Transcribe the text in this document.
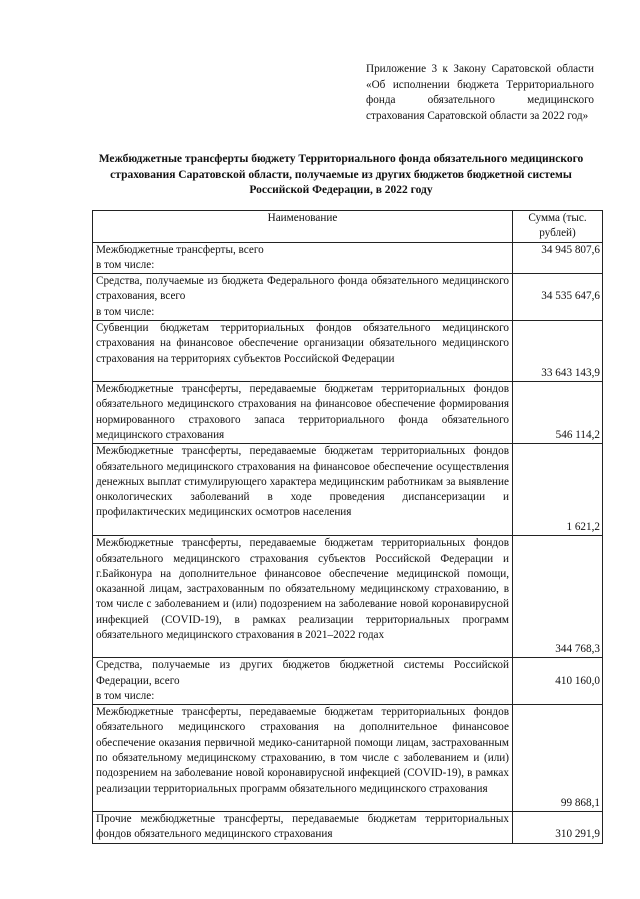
Приложение 3 к Закону Саратовской области «Об исполнении бюджета Территориального фонда обязательного медицинского страхования Саратовской области за 2022 год»
Межбюджетные трансферты бюджету Территориального фонда обязательного медицинского страхования Саратовской области, получаемые из других бюджетов бюджетной системы Российской Федерации, в 2022 году
Наименование	Сумма (тыс. рублей)
Межбюджетные трансферты, всего
в том числе:	34 945 807,6
Средства, получаемые из бюджета Федерального фонда обязательного медицинского страхования, всего
в том числе:	34 535 647,6
Субвенции бюджетам территориальных фондов обязательного медицинского страхования на финансовое обеспечение организации обязательного медицинского страхования на территориях субъектов Российской Федерации	33 643 143,9
Межбюджетные трансферты, передаваемые бюджетам территориальных фондов обязательного медицинского страхования на финансовое обеспечение формирования нормированного страхового запаса территориального фонда обязательного медицинского страхования	546 114,2
Межбюджетные трансферты, передаваемые бюджетам территориальных фондов обязательного медицинского страхования на финансовое обеспечение осуществления денежных выплат стимулирующего характера медицинским работникам за выявление онкологических заболеваний в ходе проведения диспансеризации и профилактических медицинских осмотров населения	1 621,2
Межбюджетные трансферты, передаваемые бюджетам территориальных фондов обязательного медицинского страхования субъектов Российской Федерации и г.Байконура на дополнительное финансовое обеспечение медицинской помощи, оказанной лицам, застрахованным по обязательному медицинскому страхованию, в том числе с заболеванием и (или) подозрением на заболевание новой коронавирусной инфекцией (COVID-19), в рамках реализации территориальных программ обязательного медицинского страхования в 2021–2022 годах	344 768,3
Средства, получаемые из других бюджетов бюджетной системы Российской Федерации, всего
в том числе:	410 160,0
Межбюджетные трансферты, передаваемые бюджетам территориальных фондов обязательного медицинского страхования на дополнительное финансовое обеспечение оказания первичной медико-санитарной помощи лицам, застрахованным по обязательному медицинскому страхованию, в том числе с заболеванием и (или) подозрением на заболевание новой коронавирусной инфекцией (COVID-19), в рамках реализации территориальных программ обязательного медицинского страхования	99 868,1
Прочие межбюджетные трансферты, передаваемые бюджетам территориальных фондов обязательного медицинского страхования	310 291,9
